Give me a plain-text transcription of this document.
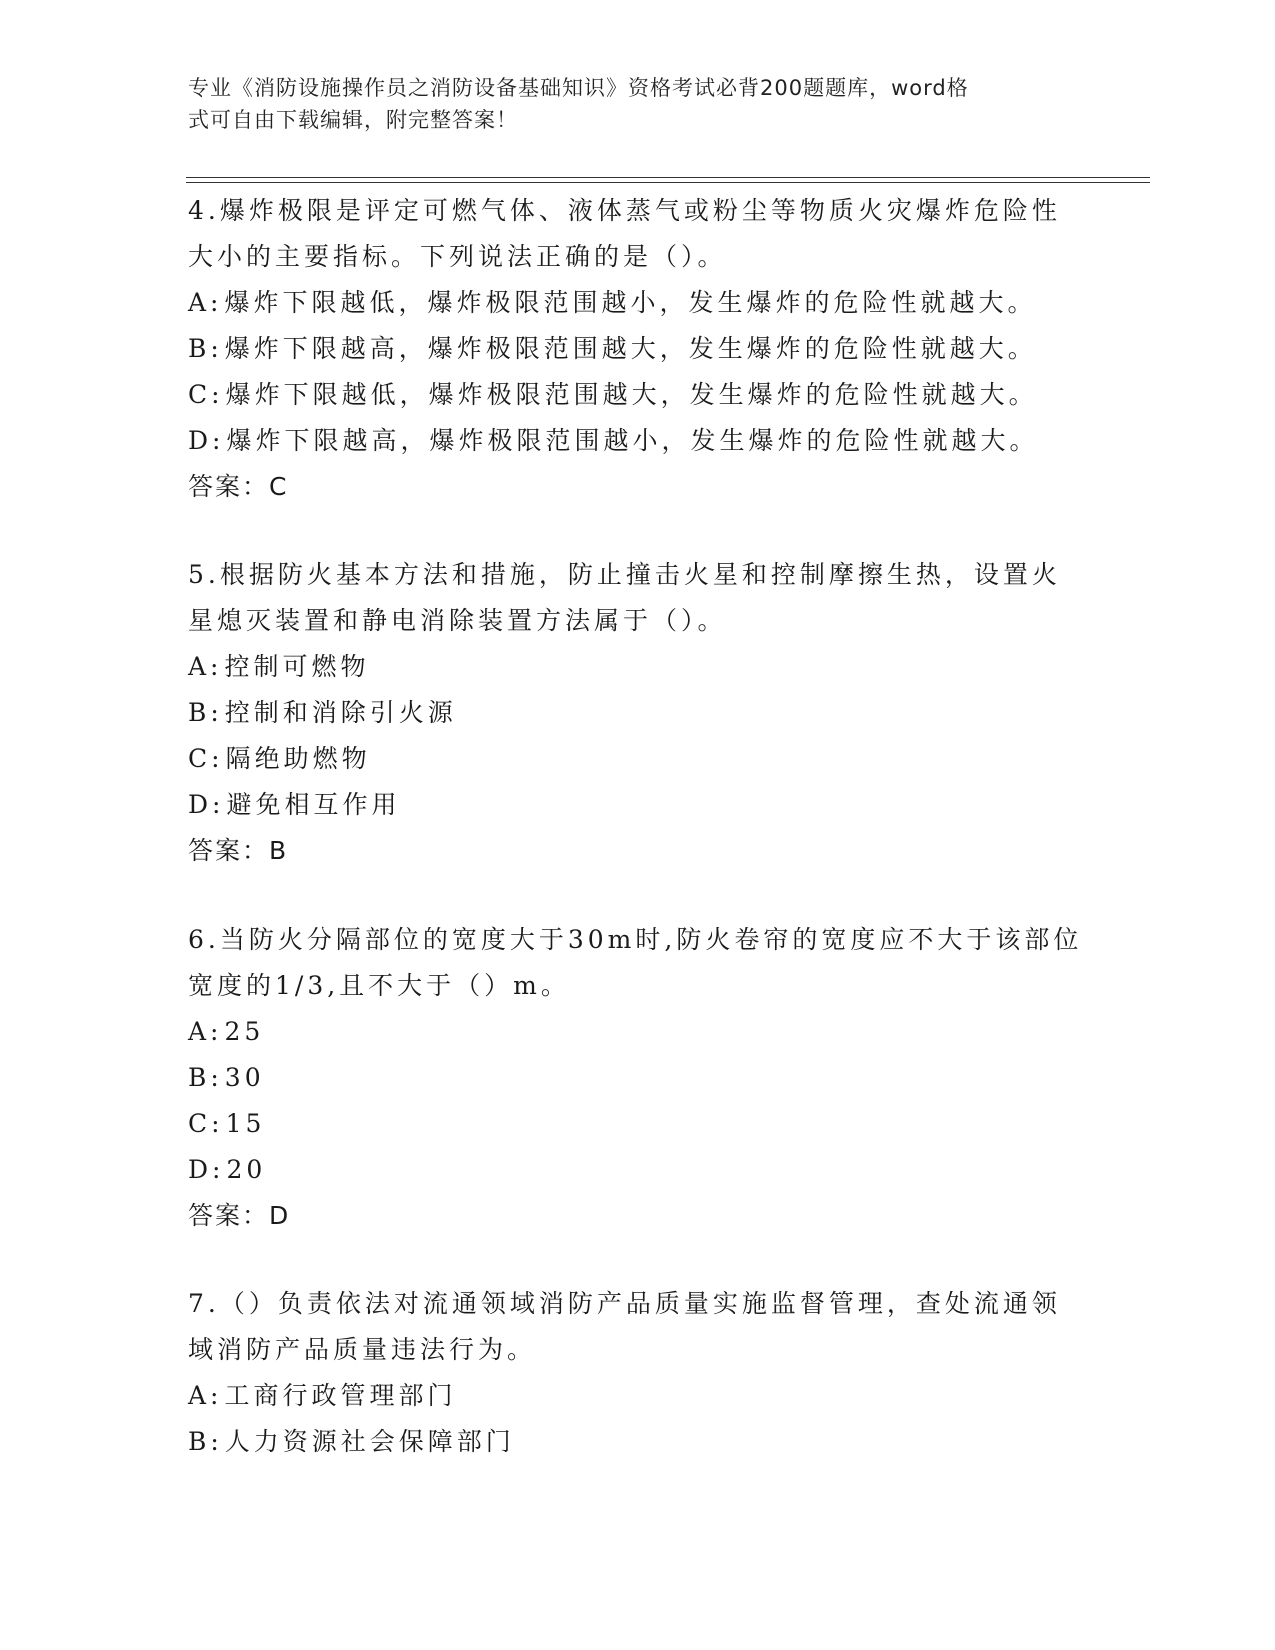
专业《消防设施操作员之消防设备基础知识》资格考试必背200题题库，word格
式可自由下载编辑，附完整答案！

4.爆炸极限是评定可燃气体、液体蒸气或粉尘等物质火灾爆炸危险性
大小的主要指标。下列说法正确的是（）。

A:爆炸下限越低，爆炸极限范围越小，发生爆炸的危险性就越大。
B:爆炸下限越高，爆炸极限范围越大，发生爆炸的危险性就越大。
C:爆炸下限越低，爆炸极限范围越大，发生爆炸的危险性就越大。
D:爆炸下限越高，爆炸极限范围越小，发生爆炸的危险性就越大。
答案：C

5.根据防火基本方法和措施，防止撞击火星和控制摩擦生热，设置火
星熄灭装置和静电消除装置方法属于（）。

A:控制可燃物
B:控制和消除引火源
C:隔绝助燃物
D:避免相互作用
答案：B

6.当防火分隔部位的宽度大于30m时,防火卷帘的宽度应不大于该部位
宽度的1/3,且不大于（）m。

A:25
B:30
C:15
D:20
答案：D

7.（）负责依法对流通领域消防产品质量实施监督管理，查处流通领
域消防产品质量违法行为。

A:工商行政管理部门
B:人力资源社会保障部门
